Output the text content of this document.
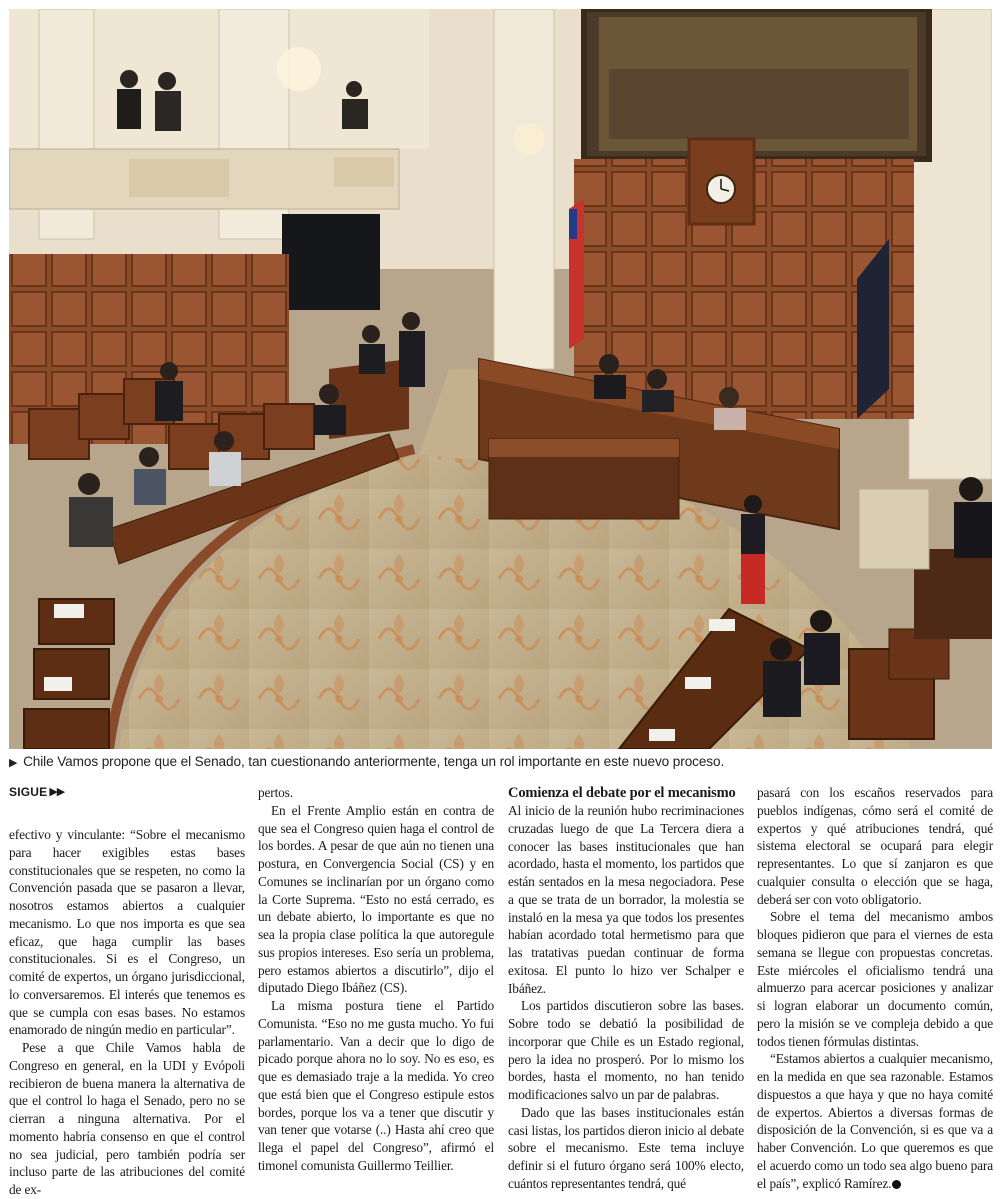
▶ Chile Vamos propone que el Senado, tan cuestionando anteriormente, tenga un rol importante en este nuevo proceso.
SIGUE ▶▶

efectivo y vinculante: “Sobre el mecanismo para hacer exigibles estas bases constitucionales que se respeten, no como la Convención pasada que se pasaron a llevar, nosotros estamos abiertos a cualquier mecanismo. Lo que nos importa es que sea eficaz, que haga cumplir las bases constitucionales. Si es el Congreso, un comité de expertos, un órgano jurisdiccional, lo conversaremos. El interés que tenemos es que se cumpla con esas bases. No estamos enamorado de ningún medio en particular”.

Pese a que Chile Vamos habla de Congreso en general, en la UDI y Evópoli recibieron de buena manera la alternativa de que el control lo haga el Senado, pero no se cierran a ninguna alternativa. Por el momento habría consenso en que el control no sea judicial, pero también podría ser incluso parte de las atribuciones del comité de ex-

pertos.

En el Frente Amplio están en contra de que sea el Congreso quien haga el control de los bordes. A pesar de que aún no tienen una postura, en Convergencia Social (CS) y en Comunes se inclinarían por un órgano como la Corte Suprema. “Esto no está cerrado, es un debate abierto, lo importante es que no sea la propia clase política la que autoregule sus propios intereses. Eso sería un problema, pero estamos abiertos a discutirlo”, dijo el diputado Diego Ibáñez (CS).

La misma postura tiene el Partido Comunista. “Eso no me gusta mucho. Yo fui parlamentario. Van a decir que lo digo de picado porque ahora no lo soy. No es eso, es que es demasiado traje a la medida. Yo creo que está bien que el Congreso estipule estos bordes, porque los va a tener que discutir y van tener que votarse (..) Hasta ahí creo que llega el papel del Congreso”, afirmó el timonel comunista Guillermo Teillier.

Comienza el debate por el mecanismo

Al inicio de la reunión hubo recriminaciones cruzadas luego de que La Tercera diera a conocer las bases institucionales que han acordado, hasta el momento, los partidos que están sentados en la mesa negociadora. Pese a que se trata de un borrador, la molestia se instaló en la mesa ya que todos los presentes habían acordado total hermetismo para que las tratativas puedan continuar de forma exitosa. El punto lo hizo ver Schalper e Ibáñez.

Los partidos discutieron sobre las bases. Sobre todo se debatió la posibilidad de incorporar que Chile es un Estado regional, pero la idea no prosperó. Por lo mismo los bordes, hasta el momento, no han tenido modificaciones salvo un par de palabras.

Dado que las bases institucionales están casi listas, los partidos dieron inicio al debate sobre el mecanismo. Este tema incluye definir si el futuro órgano será 100% electo, cuántos representantes tendrá, qué

pasará con los escaños reservados para pueblos indígenas, cómo será el comité de expertos y qué atribuciones tendrá, qué sistema electoral se ocupará para elegir representantes. Lo que sí zanjaron es que cualquier consulta o elección que se haga, deberá ser con voto obligatorio.

Sobre el tema del mecanismo ambos bloques pidieron que para el viernes de esta semana se llegue con propuestas concretas. Este miércoles el oficialismo tendrá una almuerzo para acercar posiciones y analizar si logran elaborar un documento común, pero la misión se ve compleja debido a que todos tienen fórmulas distintas.

“Estamos abiertos a cualquier mecanismo, en la medida en que sea razonable. Estamos dispuestos a que haya y que no haya comité de expertos. Abiertos a diversas formas de disposición de la Convención, si es que va a haber Convención. Lo que queremos es que el acuerdo como un todo sea algo bueno para el país”, explicó Ramírez.
